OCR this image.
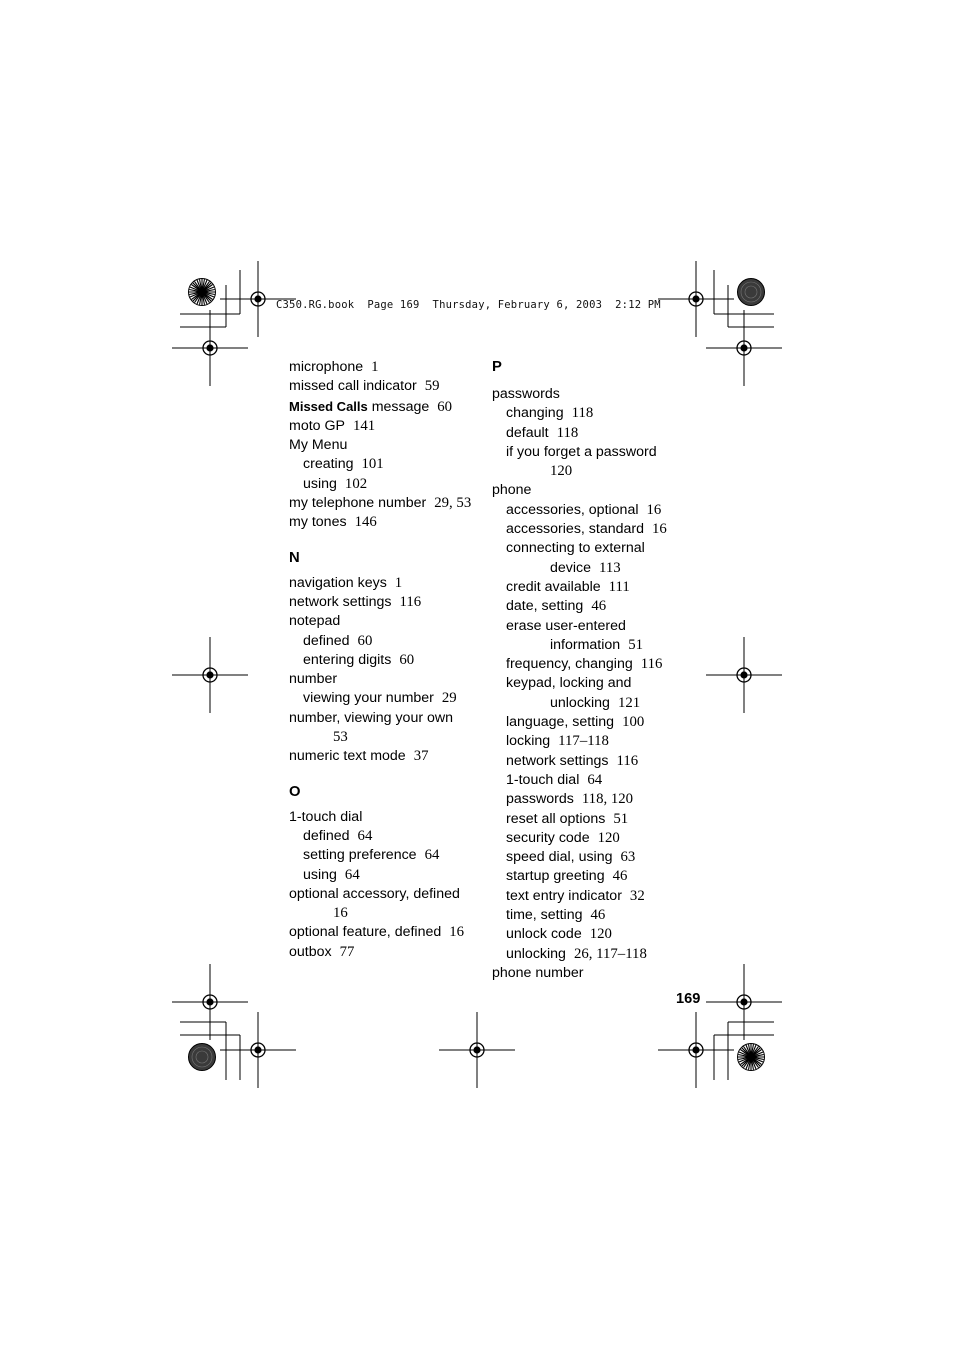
C350.RG.book Page 169 Thursday, February 6, 2003 2:12 PM
microphone 1
missed call indicator 59
Missed Calls message 60
moto GP 141
My Menu
creating 101
using 102
my telephone number 29, 53
my tones 146
N
navigation keys 1
network settings 116
notepad
defined 60
entering digits 60
number
viewing your number 29
number, viewing your own
53
numeric text mode 37
O
1-touch dial
defined 64
setting preference 64
using 64
optional accessory, defined
16
optional feature, defined 16
outbox 77
P
passwords
changing 118
default 118
if you forget a password
120
phone
accessories, optional 16
accessories, standard 16
connecting to external
device 113
credit available 111
date, setting 46
erase user-entered
information 51
frequency, changing 116
keypad, locking and
unlocking 121
language, setting 100
locking 117–118
network settings 116
1-touch dial 64
passwords 118, 120
reset all options 51
security code 120
speed dial, using 63
startup greeting 46
text entry indicator 32
time, setting 46
unlock code 120
unlocking 26, 117–118
phone number
169
